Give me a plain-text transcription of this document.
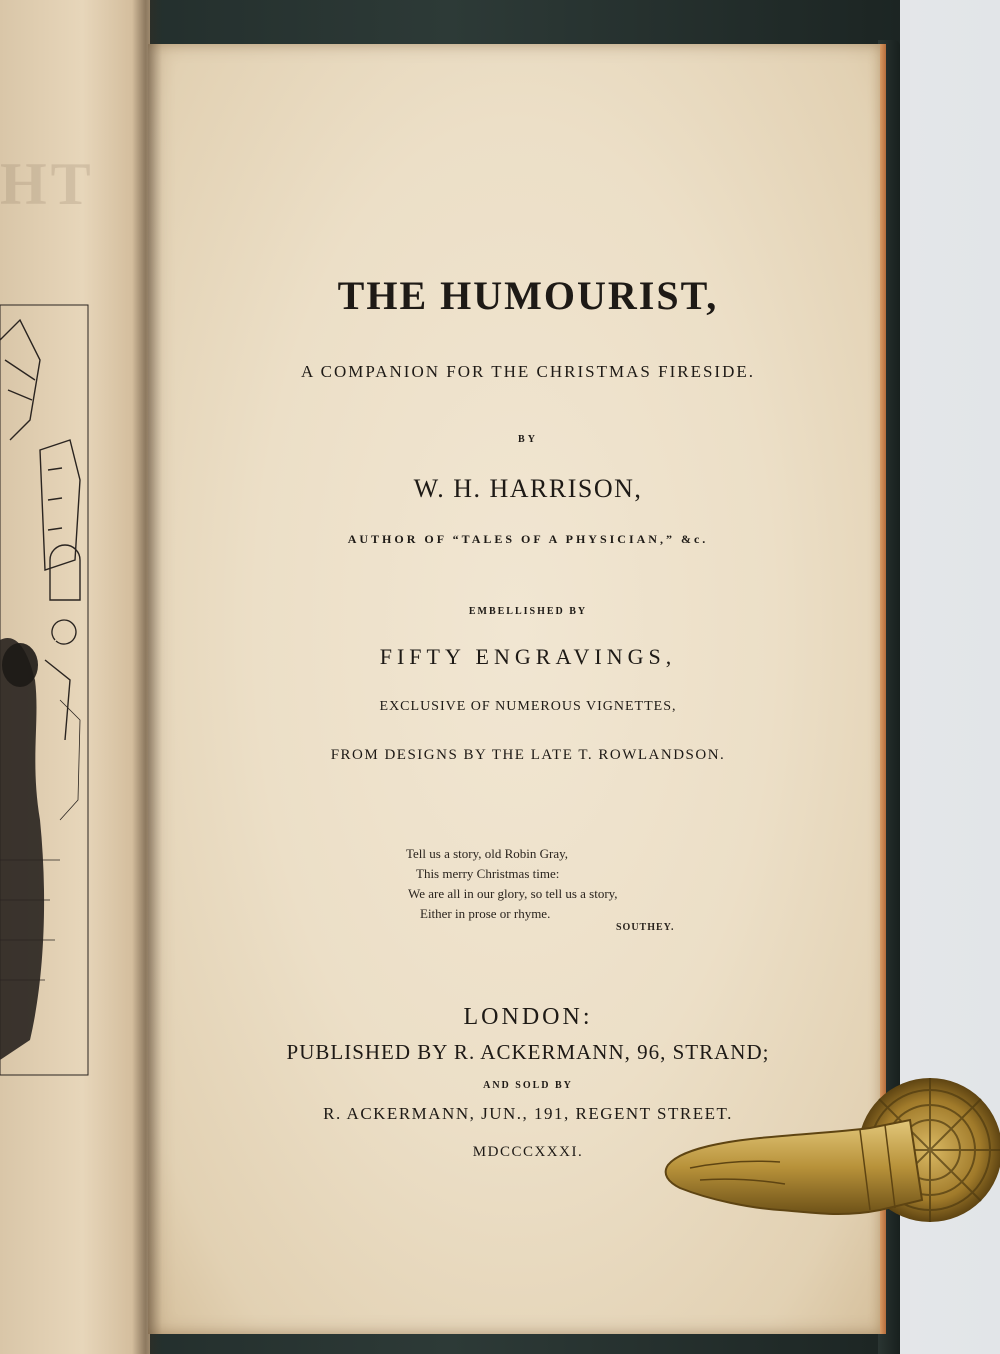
HT
THE HUMOURIST,
A COMPANION FOR THE CHRISTMAS FIRESIDE.
BY
W. H. HARRISON,
AUTHOR OF “TALES OF A PHYSICIAN,” &c.
EMBELLISHED BY
FIFTY ENGRAVINGS,
EXCLUSIVE OF NUMEROUS VIGNETTES,
FROM DESIGNS BY THE LATE T. ROWLANDSON.
Tell us a story, old Robin Gray,
This merry Christmas time:
We are all in our glory, so tell us a story,
Either in prose or rhyme.
SOUTHEY.
LONDON:
PUBLISHED BY R. ACKERMANN, 96, STRAND;
AND SOLD BY
R. ACKERMANN, JUN., 191, REGENT STREET.
MDCCCXXXI.
